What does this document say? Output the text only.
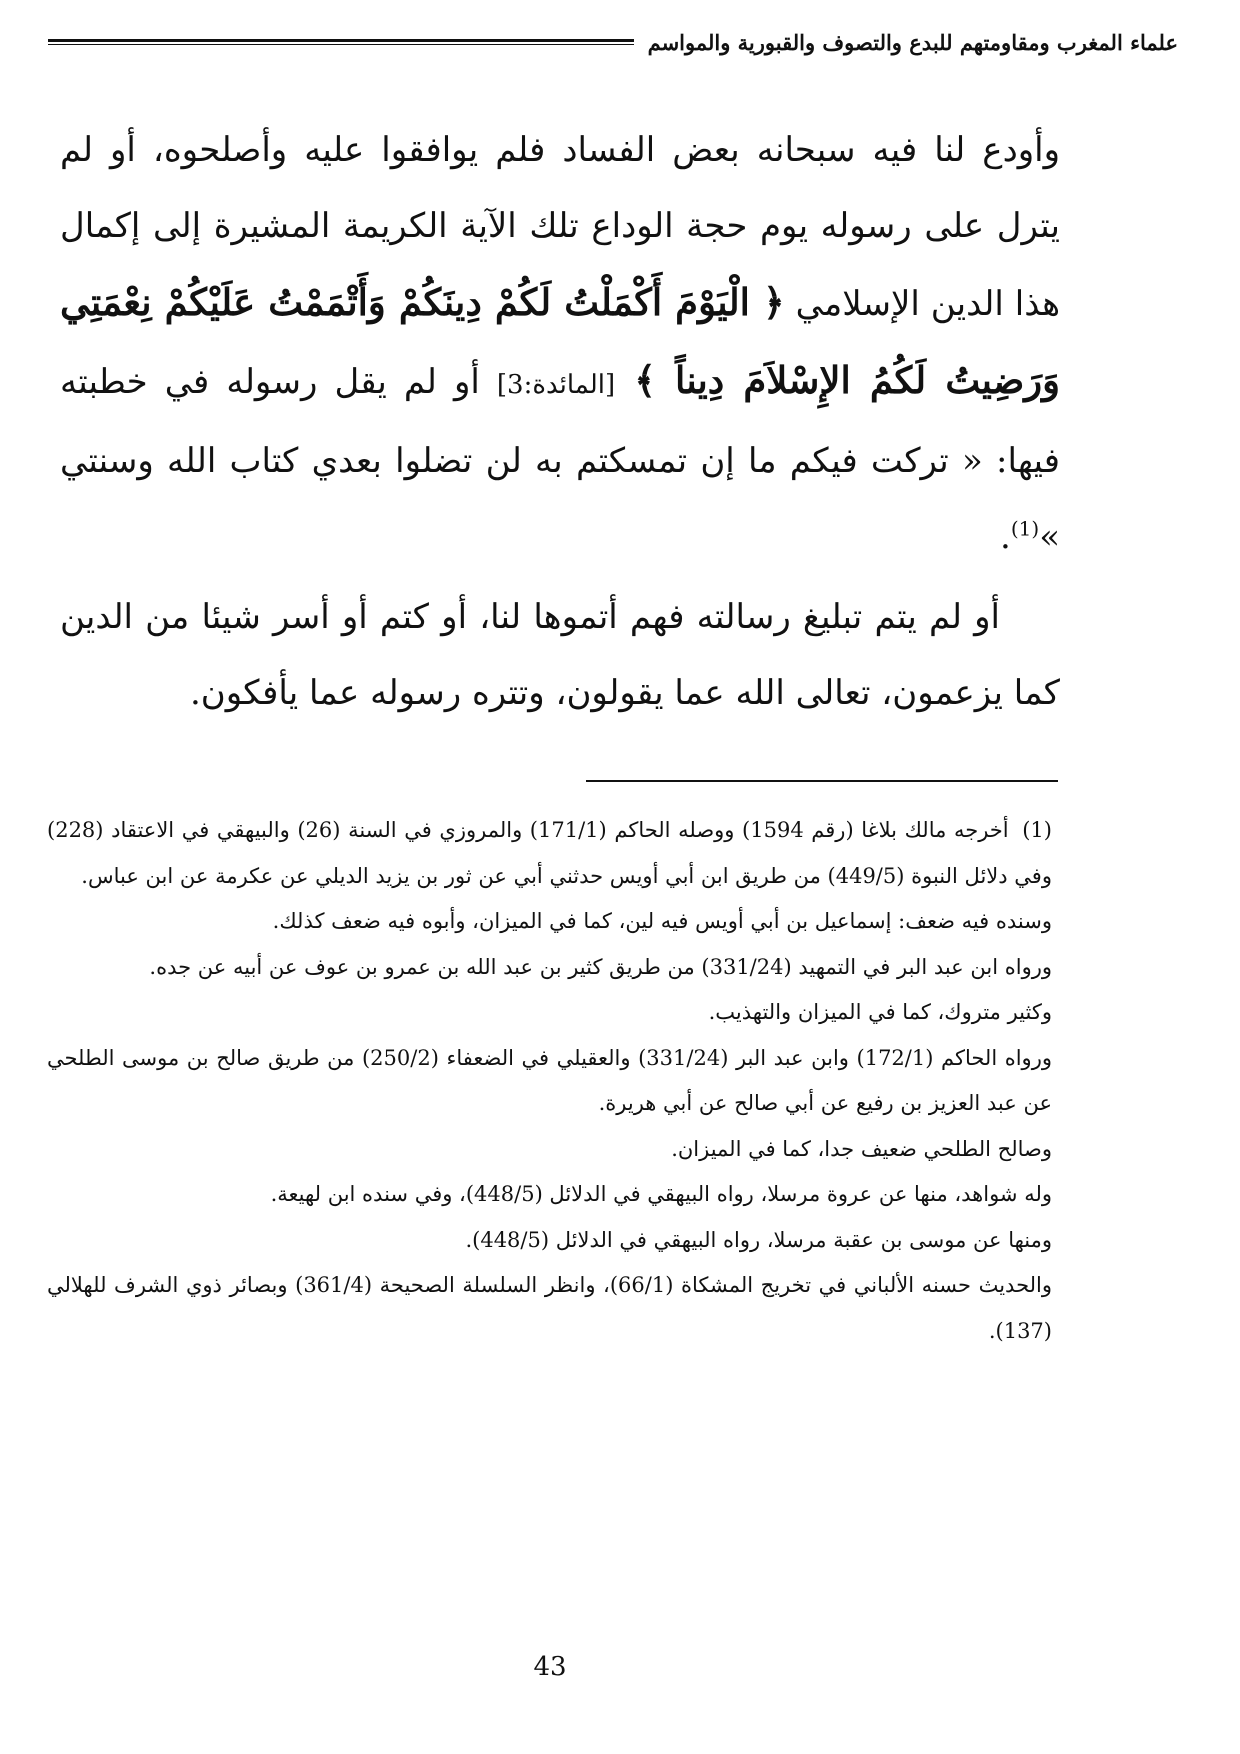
علماء المغرب ومقاومتهم للبدع والتصوف والقبورية والمواسم

وأودع لنا فيه سبحانه بعض الفساد فلم يوافقوا عليه وأصلحوه، أو لم يترل على رسوله يوم حجة الوداع تلك الآية الكريمة المشيرة إلى إكمال هذا الدين الإسلامي ﴿ الْيَوْمَ أَكْمَلْتُ لَكُمْ دِينَكُمْ وَأَتْمَمْتُ عَلَيْكُمْ نِعْمَتِي وَرَضِيتُ لَكُمُ الإِسْلاَمَ دِيناً ﴾ [المائدة:3] أو لم يقل رسوله في خطبته فيها: « تركت فيكم ما إن تمسكتم به لن تضلوا بعدي كتاب الله وسنتي »$^{(1)}$.

أو لم يتم تبليغ رسالته فهم أتموها لنا، أو كتم أو أسر شيئا من الدين كما يزعمون، تعالى الله عما يقولون، وتتره رسوله عما يأفكون.

(1) أخرجه مالك بلاغا (رقم 1594) ووصله الحاكم (171/1) والمروزي في السنة (26) والبيهقي في الاعتقاد (228) وفي دلائل النبوة (449/5) من طريق ابن أبي أويس حدثني أبي عن ثور بن يزيد الديلي عن عكرمة عن ابن عباس.

وسنده فيه ضعف: إسماعيل بن أبي أويس فيه لين، كما في الميزان، وأبوه فيه ضعف كذلك.

ورواه ابن عبد البر في التمهيد (331/24) من طريق كثير بن عبد الله بن عمرو بن عوف عن أبيه عن جده.

وكثير متروك، كما في الميزان والتهذيب.

ورواه الحاكم (172/1) وابن عبد البر (331/24) والعقيلي في الضعفاء (250/2) من طريق صالح بن موسى الطلحي عن عبد العزيز بن رفيع عن أبي صالح عن أبي هريرة.

وصالح الطلحي ضعيف جدا، كما في الميزان.

وله شواهد، منها عن عروة مرسلا، رواه البيهقي في الدلائل (448/5)، وفي سنده ابن لهيعة.

ومنها عن موسى بن عقبة مرسلا، رواه البيهقي في الدلائل (448/5).

والحديث حسنه الألباني في تخريج المشكاة (66/1)، وانظر السلسلة الصحيحة (361/4) وبصائر ذوي الشرف للهلالي (137).

43
